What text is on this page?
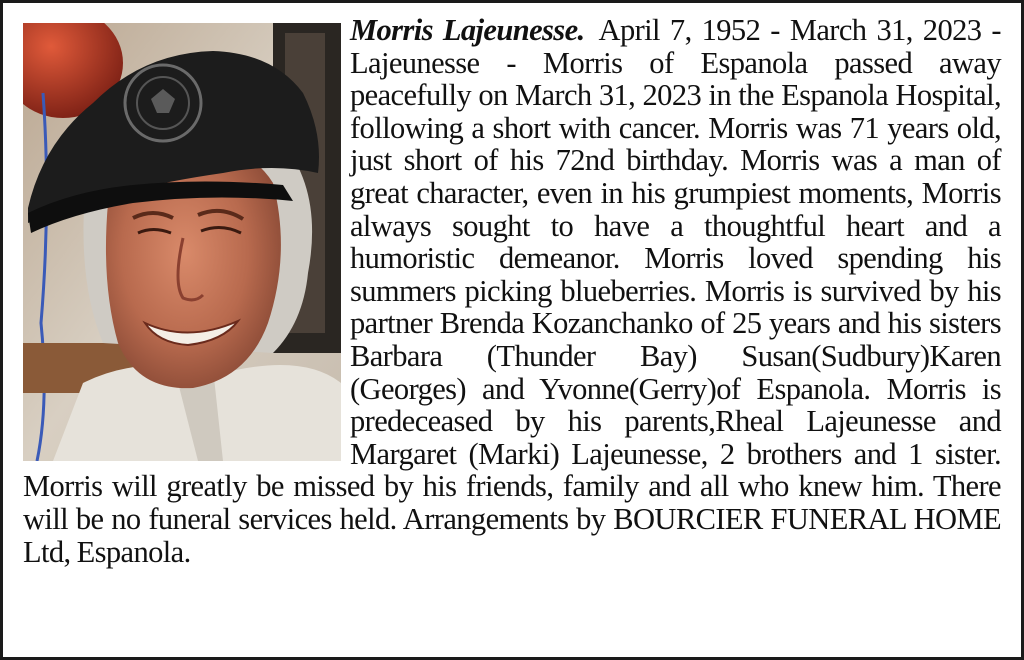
Morris Lajeunesse. April 7, 1952 - March 31, 2023 - Lajeunesse - Morris of Espanola passed away peacefully on March 31, 2023 in the Espanola Hospital, following a short with cancer. Morris was 71 years old, just short of his 72nd birthday. Morris was a man of great character, even in his grumpiest moments, Morris always sought to have a thoughtful heart and a humoristic demeanor. Morris loved spending his summers picking blueberries. Morris is survived by his partner Brenda Kozanchanko of 25 years and his sisters Barbara (Thunder Bay) Susan(Sudbury)Karen (Georges) and Yvonne(Gerry)of Espanola. Morris is predeceased by his parents,Rheal Lajeunesse and Margaret (Marki) Lajeunesse, 2 brothers and 1 sister. Morris will greatly be missed by his friends, family and all who knew him. There will be no funeral services held. Arrangements by BOURCIER FUNERAL HOME Ltd, Espanola.
